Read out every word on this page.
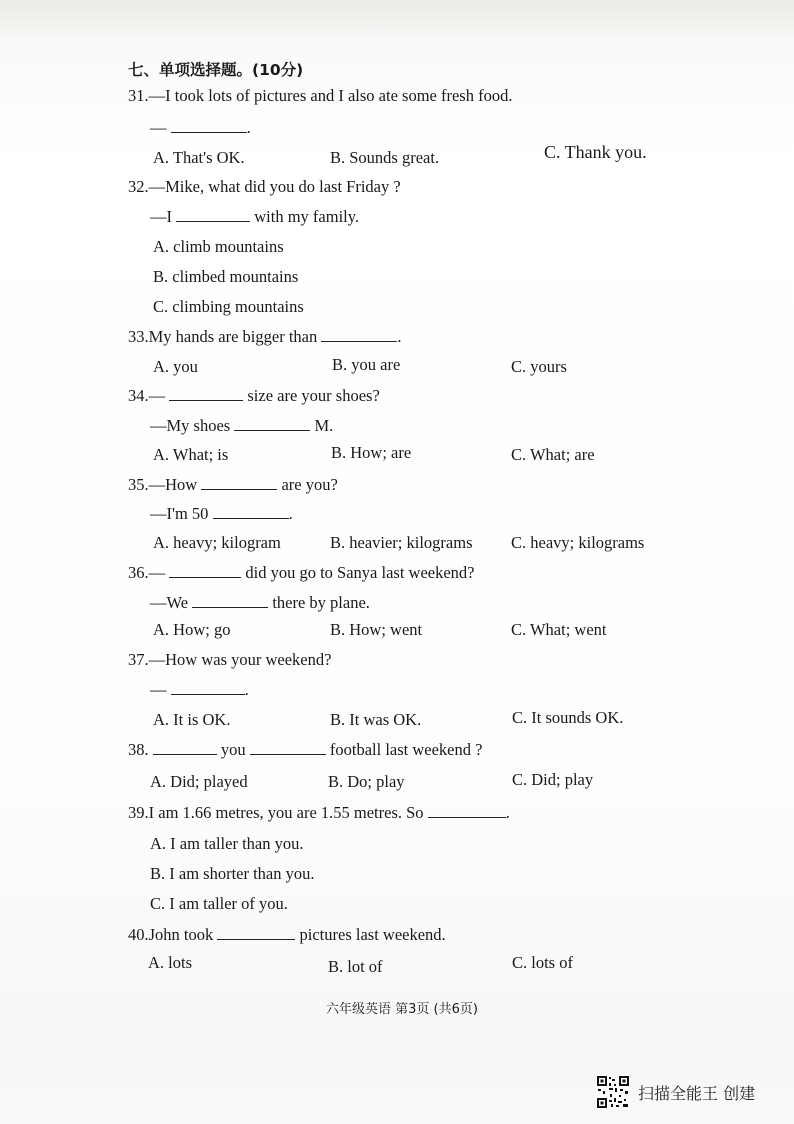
七、单项选择题。(10分)
31.—I took lots of pictures and I also ate some fresh food.
—	.
A. That's OK.	B. Sounds great.	C. Thank you.
32.—Mike, what did you do last Friday ?
—I	with my family.
A. climb mountains
B. climbed mountains
C. climbing mountains
33.My hands are bigger than	.
A. you	B. you are	C. yours
34.—	size are your shoes?
—My shoes	M.
A. What; is	B. How; are	C. What; are
35.—How	are you?
—I'm 50	.
A. heavy; kilogram	B. heavier; kilograms C. heavy; kilograms
36.—	did you go to Sanya last weekend?
—We	there by plane.
A. How; go	B. How; went	C. What; went
37.—How was your weekend?
—	.
A. It is OK.	B. It was OK.	C. It sounds OK.
38.	you	football last weekend ?
A. Did; played	B. Do; play	C. Did; play
39.I am 1.66 metres, you are 1.55 metres. So	.
A. I am taller than you.
B. I am shorter than you.
C. I am taller of you.
40.John took	pictures last weekend.
A. lots	B. lot of	C. lots of
六年级英语 第3页 (共6页)
扫描全能王 创建
